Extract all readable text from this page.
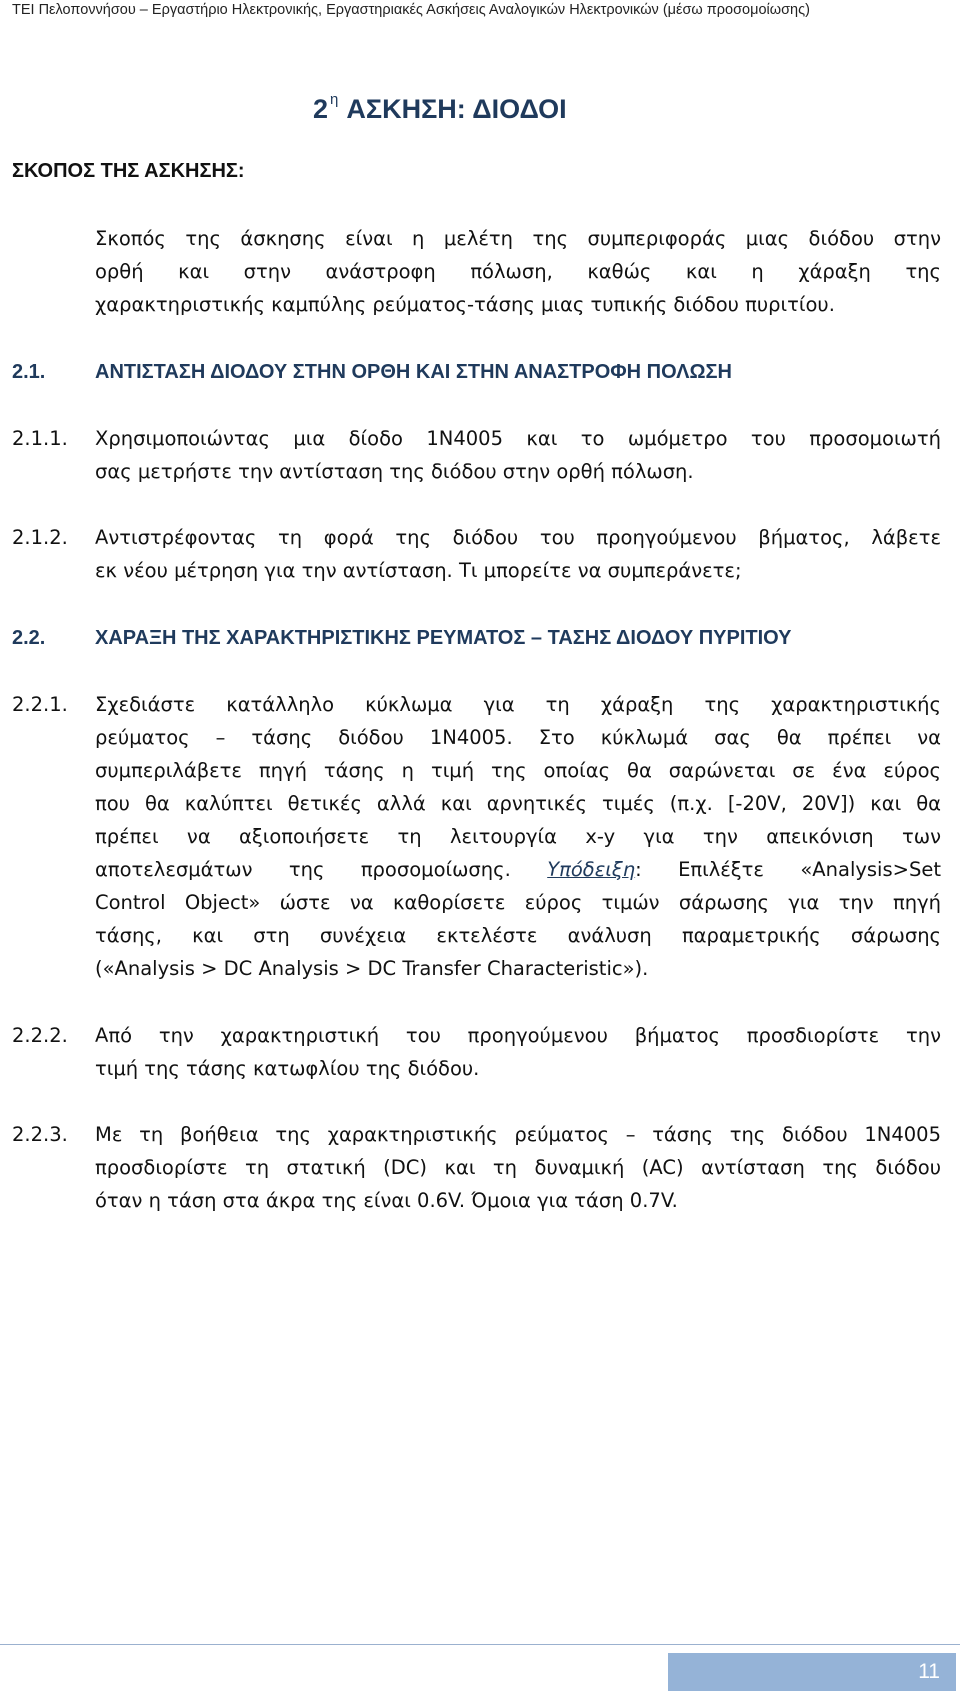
ΤΕΙ Πελοποννήσου – Εργαστήριο Ηλεκτρονικής, Εργαστηριακές Ασκήσεις Αναλογικών Ηλεκτρονικών (μέσω προσομοίωσης)
2 $^\eta$ ΑΣΚΗΣΗ: ΔΙΟΔΟΙ
ΣΚΟΠΟΣ ΤΗΣ ΑΣΚΗΣΗΣ:
Σκοπός της άσκησης είναι η μελέτη της συμπεριφοράς μιας διόδου στην
ορθή και στην ανάστροφη πόλωση, καθώς και η χάραξη της
χαρακτηριστικής καμπύλης ρεύματος-τάσης μιας τυπικής διόδου πυριτίου.
2.1. ΑΝΤΙΣΤΑΣΗ ΔΙΟΔΟΥ ΣΤΗΝ ΟΡΘΗ ΚΑΙ ΣΤΗΝ ΑΝΑΣΤΡΟΦΗ ΠΟΛΩΣΗ
2.1.1. Χρησιμοποιώντας μια δίοδο 1Ν4005 και το ωμόμετρο του προσομοιωτή
σας μετρήστε την αντίσταση της διόδου στην ορθή πόλωση.
2.1.2. Αντιστρέφοντας τη φορά της διόδου του προηγούμενου βήματος, λάβετε
εκ νέου μέτρηση για την αντίσταση. Τι μπορείτε να συμπεράνετε;
2.2. ΧΑΡΑΞΗ ΤΗΣ ΧΑΡΑΚΤΗΡΙΣΤΙΚΗΣ ΡΕΥΜΑΤΟΣ – ΤΑΣΗΣ ΔΙΟΔΟΥ ΠΥΡΙΤΙΟΥ
2.2.1. Σχεδιάστε κατάλληλο κύκλωμα για τη χάραξη της χαρακτηριστικής
ρεύματος – τάσης διόδου 1Ν4005. Στο κύκλωμά σας θα πρέπει να
συμπεριλάβετε πηγή τάσης η τιμή της οποίας θα σαρώνεται σε ένα εύρος
που θα καλύπτει θετικές αλλά και αρνητικές τιμές (π.χ. [-20V, 20V]) και θα
πρέπει να αξιοποιήσετε τη λειτουργία x-y για την απεικόνιση των
αποτελεσμάτων της προσομοίωσης. Υπόδειξη: Επιλέξτε «Analysis>Set
Control Object» ώστε να καθορίσετε εύρος τιμών σάρωσης για την πηγή
τάσης, και στη συνέχεια εκτελέστε ανάλυση παραμετρικής σάρωσης
(«Analysis > DC Analysis > DC Transfer Characteristic»).
2.2.2. Από την χαρακτηριστική του προηγούμενου βήματος προσδιορίστε την
τιμή της τάσης κατωφλίου της διόδου.
2.2.3. Με τη βοήθεια της χαρακτηριστικής ρεύματος – τάσης της διόδου 1Ν4005
προσδιορίστε τη στατική (DC) και τη δυναμική (AC) αντίσταση της διόδου
όταν η τάση στα άκρα της είναι 0.6V. Όμοια για τάση 0.7V.
11
